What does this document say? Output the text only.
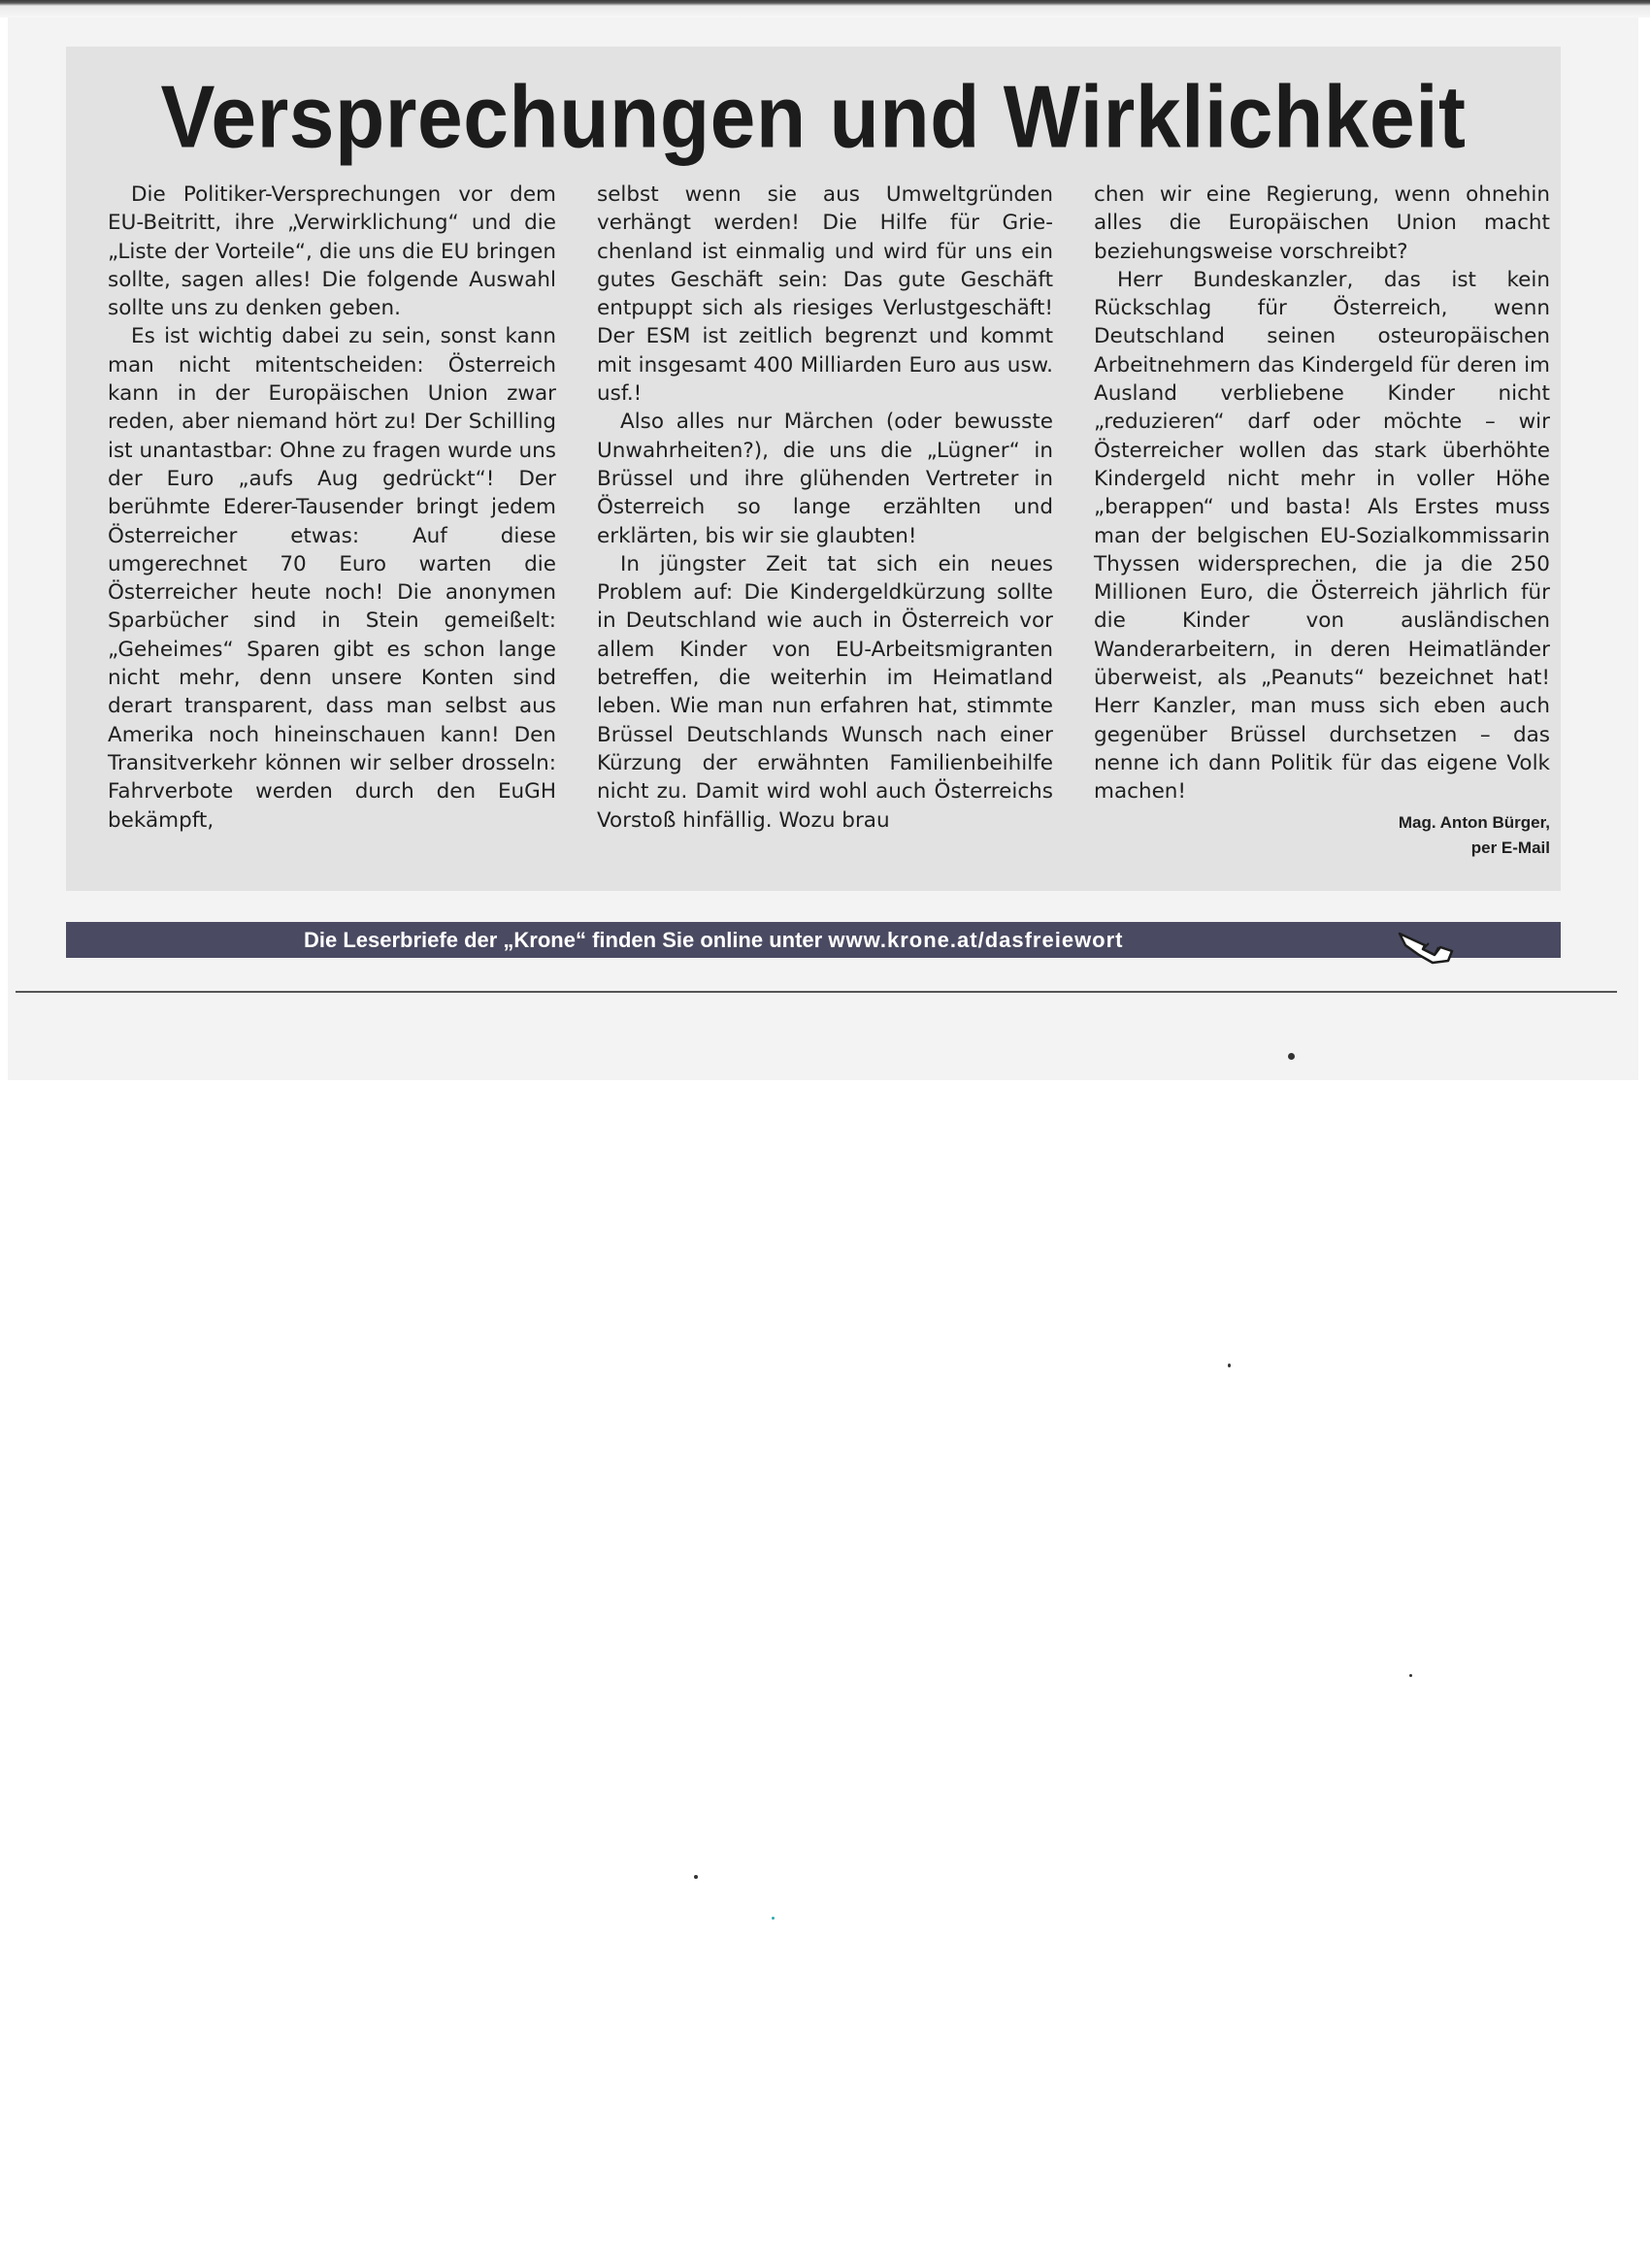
Versprechungen und Wirklichkeit

Die Politiker-Versprechungen vor dem EU-Beitritt, ihre „Verwirklichung“ und die „Liste der Vorteile“, die uns die EU bringen sollte, sagen alles! Die folgende Auswahl sollte uns zu denken geben.

Es ist wichtig dabei zu sein, sonst kann man nicht mitentscheiden: Österreich kann in der Europäischen Union zwar reden, aber niemand hört zu! Der Schilling ist unantastbar: Ohne zu fragen wurde uns der Euro „aufs Aug gedrückt“! Der berühmte Ederer-Tausender bringt jedem Österreicher etwas: Auf diese umgerechnet 70 Euro warten die Österreicher heute noch! Die anonymen Sparbücher sind in Stein gemeißelt: „Geheimes“ Sparen gibt es schon lange nicht mehr, denn unsere Konten sind derart transparent, dass man selbst aus Amerika noch hineinschauen kann! Den Transitverkehr können wir selber drosseln: Fahrverbote werden durch den EuGH bekämpft,

selbst wenn sie aus Umweltgründen verhängt werden! Die Hilfe für Griechenland ist einmalig und wird für uns ein gutes Geschäft sein: Das gute Geschäft entpuppt sich als riesiges Verlustgeschäft! Der ESM ist zeitlich begrenzt und kommt mit insgesamt 400 Milliarden Euro aus usw. usf.!

Also alles nur Märchen (oder bewusste Unwahrheiten?), die uns die „Lügner“ in Brüssel und ihre glühenden Vertreter in Österreich so lange erzählten und erklärten, bis wir sie glaubten!

In jüngster Zeit tat sich ein neues Problem auf: Die Kindergeldkürzung sollte in Deutschland wie auch in Österreich vor allem Kinder von EU-Arbeitsmigranten betreffen, die weiterhin im Heimatland leben. Wie man nun erfahren hat, stimmte Brüssel Deutschlands Wunsch nach einer Kürzung der erwähnten Familienbeihilfe nicht zu. Damit wird wohl auch Österreichs Vorstoß hinfällig. Wozu brau

chen wir eine Regierung, wenn ohnehin alles die Europäischen Union macht beziehungsweise vorschreibt?

Herr Bundeskanzler, das ist kein Rückschlag für Österreich, wenn Deutschland seinen osteuropäischen Arbeitnehmern das Kindergeld für deren im Ausland verbliebene Kinder nicht „reduzieren“ darf oder möchte – wir Österreicher wollen das stark überhöhte Kindergeld nicht mehr in voller Höhe „berappen“ und basta! Als Erstes muss man der belgischen EU-Sozialkommissarin Thyssen widersprechen, die ja die 250 Millionen Euro, die Österreich jährlich für die Kinder von ausländischen Wanderarbeitern, in deren Heimatländer überweist, als „Peanuts“ bezeichnet hat! Herr Kanzler, man muss sich eben auch gegenüber Brüssel durchsetzen – das nenne ich dann Politik für das eigene Volk machen!

Mag. Anton Bürger,
per E-Mail
Die Leserbriefe der „Krone“ finden Sie online unter www.krone.at/dasfreiewort
